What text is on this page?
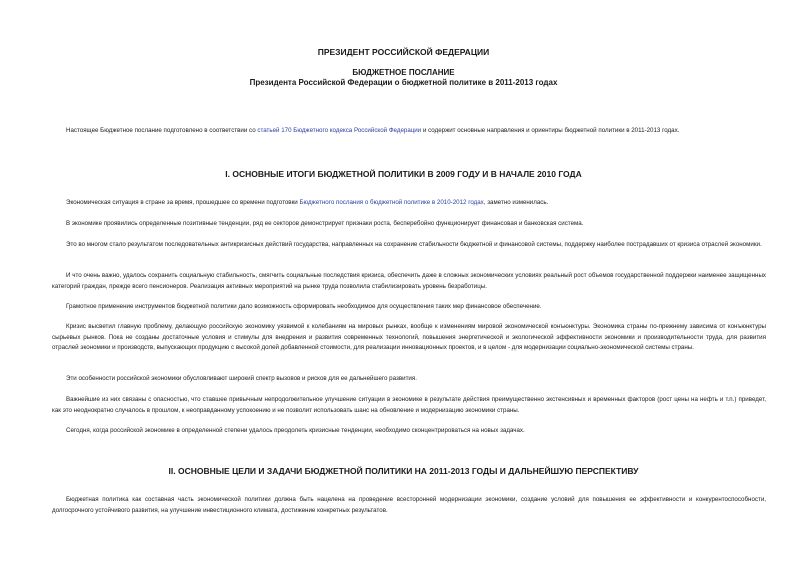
ПРЕЗИДЕНТ РОССИЙСКОЙ ФЕДЕРАЦИИ
БЮДЖЕТНОЕ ПОСЛАНИЕ
Президента Российской Федерации о бюджетной политике в 2011-2013 годах

Настоящее Бюджетное послание подготовлено в соответствии со статьей 170 Бюджетного кодекса Российской Федерации и содержит основные направления и ориентиры бюджетной политики в 2011-2013 годах.

I. ОСНОВНЫЕ ИТОГИ БЮДЖЕТНОЙ ПОЛИТИКИ В 2009 ГОДУ И В НАЧАЛЕ 2010 ГОДА

Экономическая ситуация в стране за время, прошедшее со времени подготовки Бюджетного послания о бюджетной политике в 2010-2012 годах, заметно изменилась.

В экономике проявились определенные позитивные тенденции, ряд ее секторов демонстрирует признаки роста, бесперебойно функционирует финансовая и банковская система.

Это во многом стало результатом последовательных антикризисных действий государства, направленных на сохранение стабильности бюджетной и финансовой системы, поддержку наиболее пострадавших от кризиса отраслей экономики.

И что очень важно, удалось сохранить социальную стабильность, смягчить социальные последствия кризиса, обеспечить даже в сложных экономических условиях реальный рост объемов государственной поддержки наименее защищенных категорий граждан, прежде всего пенсионеров. Реализация активных мероприятий на рынке труда позволила стабилизировать уровень безработицы.

Грамотное применение инструментов бюджетной политики дало возможность сформировать необходимое для осуществления таких мер финансовое обеспечение.

Кризис высветил главную проблему, делающую российскую экономику уязвимой к колебаниям на мировых рынках, вообще к изменениям мировой экономической конъюнктуры. Экономика страны по-прежнему зависима от конъюнктуры сырьевых рынков. Пока не созданы достаточные условия и стимулы для внедрения и развития современных технологий, повышения энергетической и экологической эффективности экономики и производительности труда, для развития отраслей экономики и производств, выпускающих продукцию с высокой долей добавленной стоимости, для реализации инновационных проектов, и в целом - для модернизации социально-экономической системы страны.

Эти особенности российской экономики обусловливают широкий спектр вызовов и рисков для ее дальнейшего развития.

Важнейшие из них связаны с опасностью, что ставшее привычным непродолжительное улучшение ситуации в экономике в результате действия преимущественно экстенсивных и временных факторов (рост цены на нефть и т.п.) приведет, как это неоднократно случалось в прошлом, к неоправданному успокоению и не позволит использовать шанс на обновление и модернизацию экономики страны.

Сегодня, когда российской экономике в определенной степени удалось преодолеть кризисные тенденции, необходимо сконцентрироваться на новых задачах.

II. ОСНОВНЫЕ ЦЕЛИ И ЗАДАЧИ БЮДЖЕТНОЙ ПОЛИТИКИ НА 2011-2013 ГОДЫ И ДАЛЬНЕЙШУЮ ПЕРСПЕКТИВУ

Бюджетная политика как составная часть экономической политики должна быть нацелена на проведение всесторонней модернизации экономики, создание условий для повышения ее эффективности и конкурентоспособности, долгосрочного устойчивого развития, на улучшение инвестиционного климата, достижение конкретных результатов.
